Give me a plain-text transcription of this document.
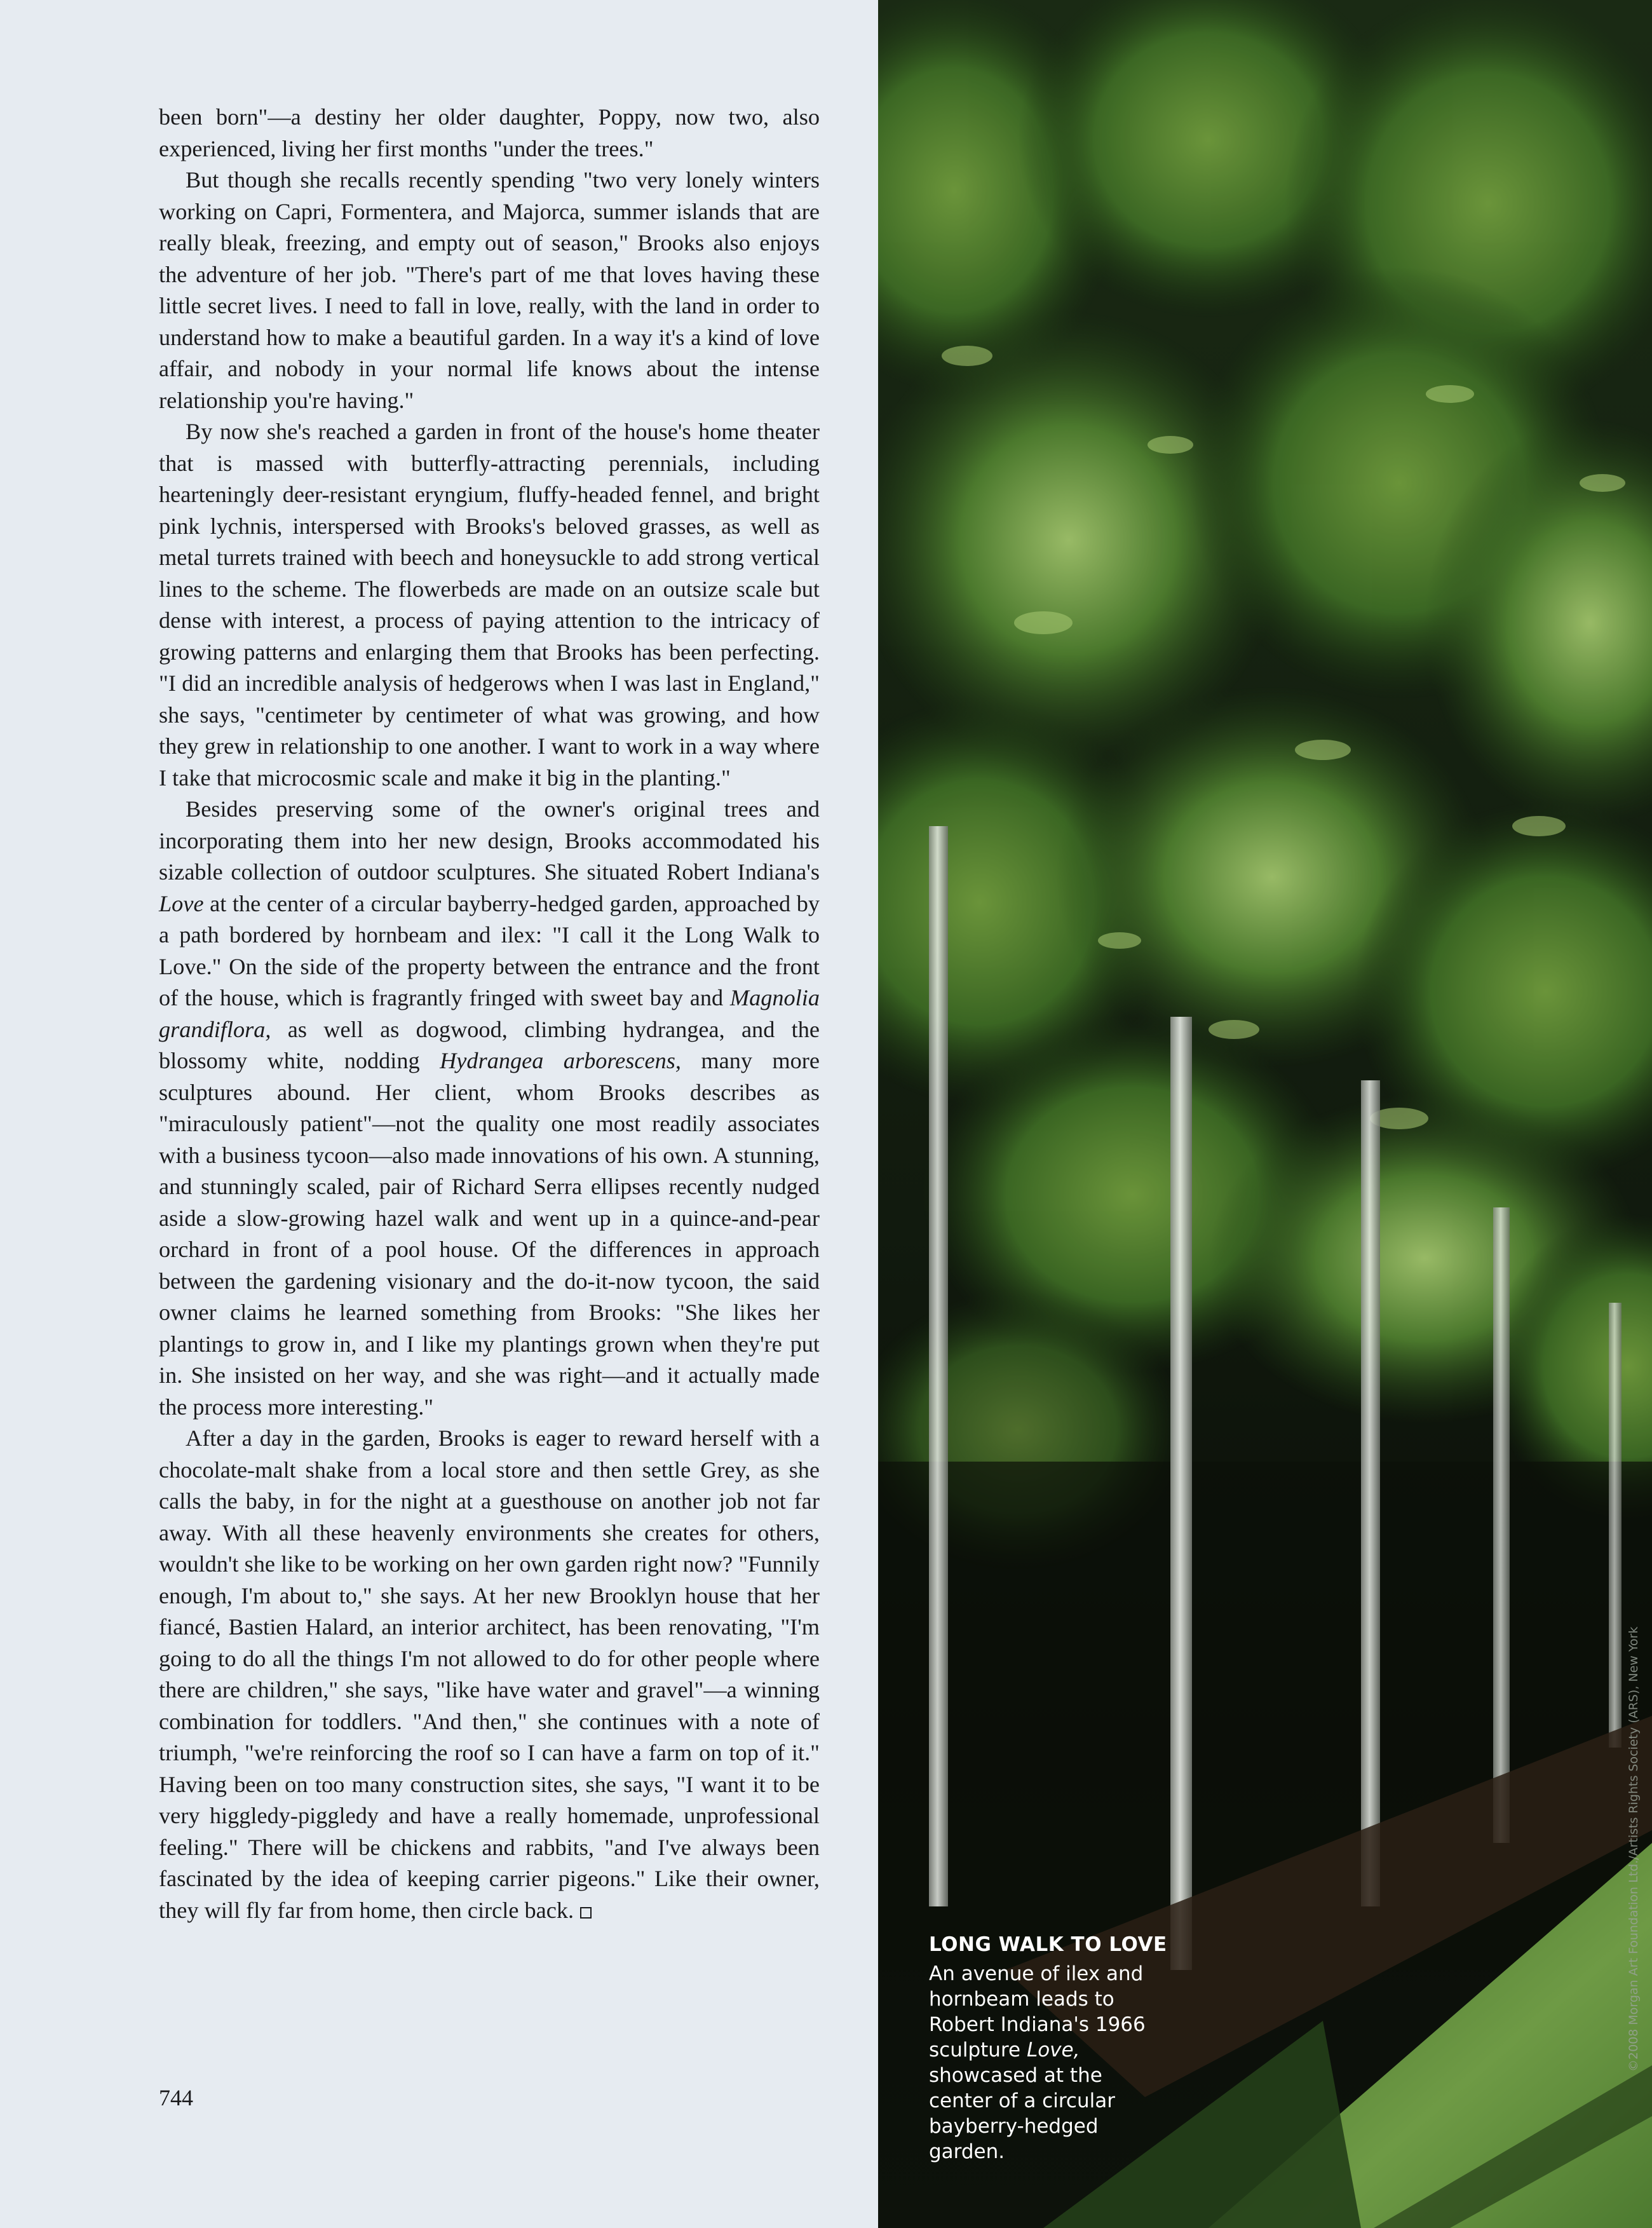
been born"—a destiny her older daughter, Poppy, now two, also experienced, living her first months "under the trees."

But though she recalls recently spending "two very lonely winters working on Capri, Formentera, and Majorca, summer islands that are really bleak, freezing, and empty out of season," Brooks also enjoys the adventure of her job. "There's part of me that loves having these little secret lives. I need to fall in love, really, with the land in order to understand how to make a beautiful garden. In a way it's a kind of love affair, and nobody in your normal life knows about the intense relationship you're having."

By now she's reached a garden in front of the house's home theater that is massed with butterfly-attracting perennials, including hearteningly deer-resistant eryngium, fluffy-headed fennel, and bright pink lychnis, interspersed with Brooks's beloved grasses, as well as metal turrets trained with beech and honeysuckle to add strong vertical lines to the scheme. The flowerbeds are made on an outsize scale but dense with interest, a process of paying attention to the intricacy of growing patterns and enlarging them that Brooks has been perfecting. "I did an incredible analysis of hedgerows when I was last in England," she says, "centimeter by centimeter of what was growing, and how they grew in relationship to one another. I want to work in a way where I take that microcosmic scale and make it big in the planting."

Besides preserving some of the owner's original trees and incorporating them into her new design, Brooks accommodated his sizable collection of outdoor sculptures. She situated Robert Indiana's Love at the center of a circular bayberry-hedged garden, approached by a path bordered by hornbeam and ilex: "I call it the Long Walk to Love." On the side of the property between the entrance and the front of the house, which is fragrantly fringed with sweet bay and Magnolia grandiflora, as well as dogwood, climbing hydrangea, and the blossomy white, nodding Hydrangea arborescens, many more sculptures abound. Her client, whom Brooks describes as "miraculously patient"—not the quality one most readily associates with a business tycoon—also made innovations of his own. A stunning, and stunningly scaled, pair of Richard Serra ellipses recently nudged aside a slow-growing hazel walk and went up in a quince-and-pear orchard in front of a pool house. Of the differences in approach between the gardening visionary and the do-it-now tycoon, the said owner claims he learned something from Brooks: "She likes her plantings to grow in, and I like my plantings grown when they're put in. She insisted on her way, and she was right—and it actually made the process more interesting."

After a day in the garden, Brooks is eager to reward herself with a chocolate-malt shake from a local store and then settle Grey, as she calls the baby, in for the night at a guesthouse on another job not far away. With all these heavenly environments she creates for others, wouldn't she like to be working on her own garden right now? "Funnily enough, I'm about to," she says. At her new Brooklyn house that her fiancé, Bastien Halard, an interior architect, has been renovating, "I'm going to do all the things I'm not allowed to do for other people where there are children," she says, "like have water and gravel"—a winning combination for toddlers. "And then," she continues with a note of triumph, "we're reinforcing the roof so I can have a farm on top of it." Having been on too many construction sites, she says, "I want it to be very higgledy-piggledy and have a really homemade, unprofessional feeling." There will be chickens and rabbits, "and I've always been fascinated by the idea of keeping carrier pigeons." Like their owner, they will fly far from home, then circle back.

744
LONG WALK TO LOVE
An avenue of ilex and hornbeam leads to Robert Indiana's 1966 sculpture Love, showcased at the center of a circular bayberry-hedged garden.
©2008 Morgan Art Foundation Ltd./Artists Rights Society (ARS), New York
